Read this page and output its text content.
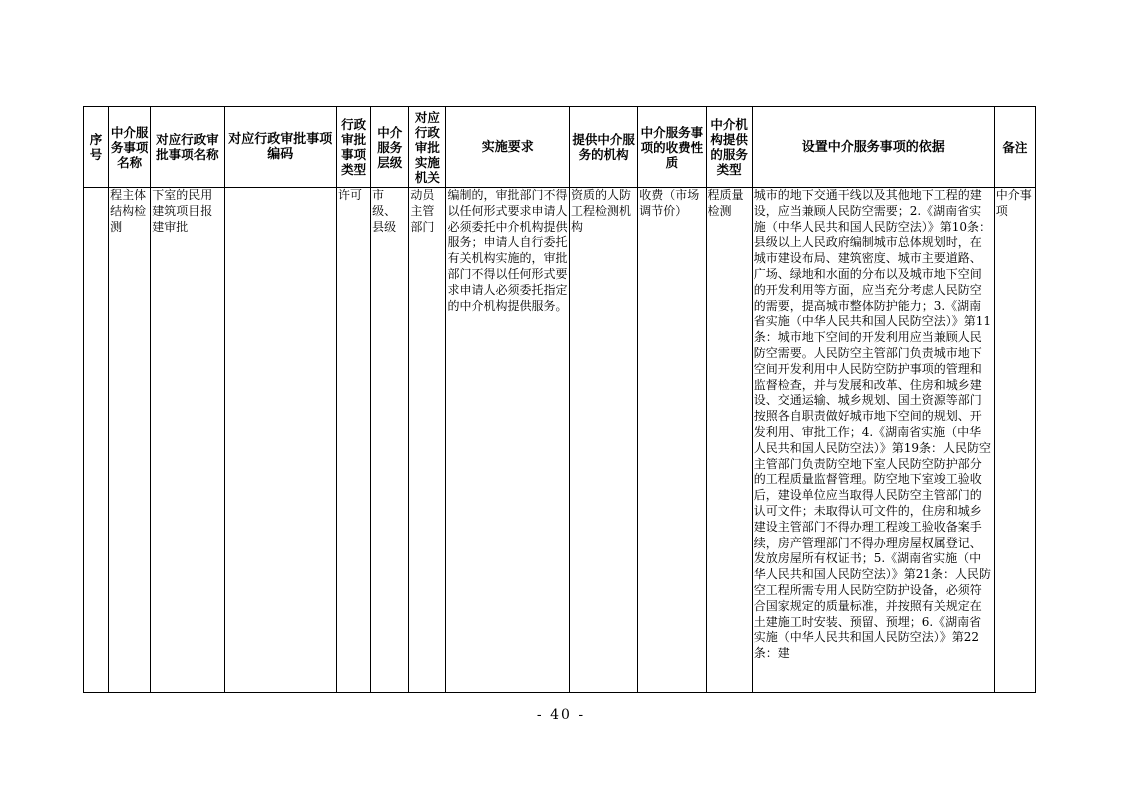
序号	中介服务事项名称	对应行政审批事项名称	对应行政审批事项编码	行政审批事项类型	中介服务层级	对应行政审批实施机关	实施要求	提供中介服务的机构	中介服务事项的收费性质	中介机构提供的服务类型	设置中介服务事项的依据	备注
	程主体结构检测	下室的民用建筑项目报建审批		许可	市级、县级	动员主管部门	编制的，审批部门不得以任何形式要求申请人必须委托中介机构提供服务；申请人自行委托有关机构实施的，审批部门不得以任何形式要求申请人必须委托指定的中介机构提供服务。	资质的人防工程检测机构	收费（市场调节价）	程质量检测	城市的地下交通干线以及其他地下工程的建设，应当兼顾人民防空需要；2.《湖南省实施（中华人民共和国人民防空法）》第10条：县级以上人民政府编制城市总体规划时，在城市建设布局、建筑密度、城市主要道路、广场、绿地和水面的分布以及城市地下空间的开发利用等方面，应当充分考虑人民防空的需要，提高城市整体防护能力；3.《湖南省实施（中华人民共和国人民防空法）》第11条：城市地下空间的开发利用应当兼顾人民防空需要。人民防空主管部门负责城市地下空间开发利用中人民防空防护事项的管理和监督检查，并与发展和改革、住房和城乡建设、交通运输、城乡规划、国土资源等部门按照各自职责做好城市地下空间的规划、开发利用、审批工作；4.《湖南省实施（中华人民共和国人民防空法）》第19条：人民防空主管部门负责防空地下室人民防空防护部分的工程质量监督管理。防空地下室竣工验收后，建设单位应当取得人民防空主管部门的认可文件；未取得认可文件的，住房和城乡建设主管部门不得办理工程竣工验收备案手续，房产管理部门不得办理房屋权属登记、发放房屋所有权证书；5.《湖南省实施（中华人民共和国人民防空法）》第21条：人民防空工程所需专用人民防空防护设备，必须符合国家规定的质量标准，并按照有关规定在土建施工时安装、预留、预埋；6.《湖南省实施（中华人民共和国人民防空法）》第22条：建	中介事项
- 40 -
